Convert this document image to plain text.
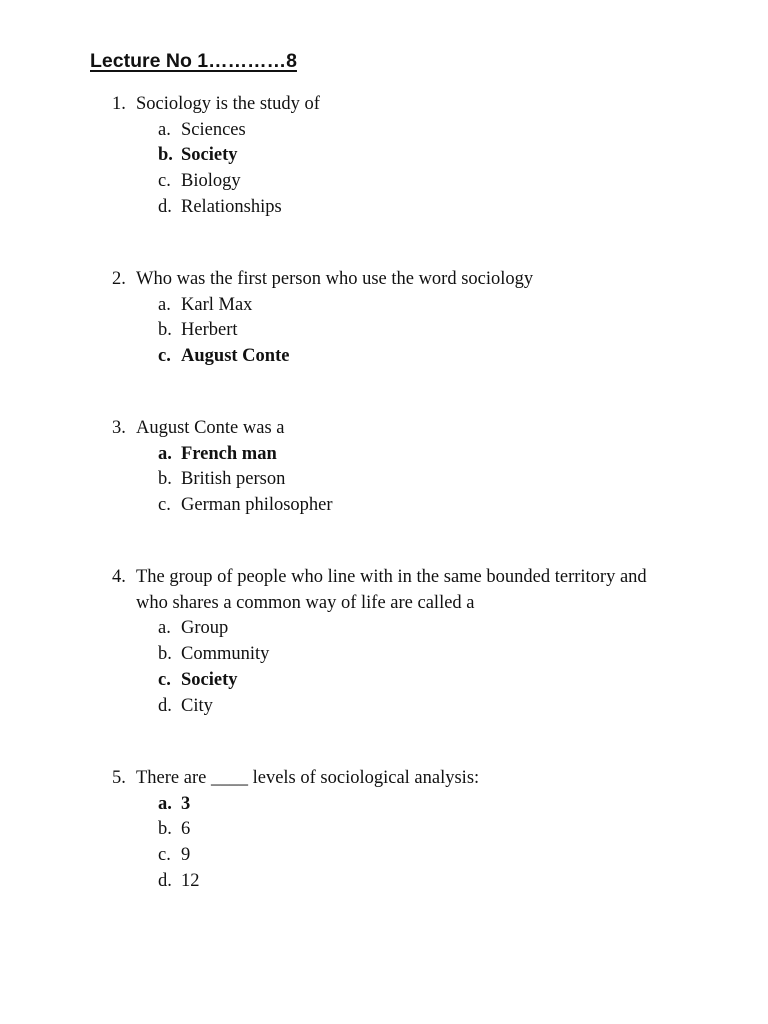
Lecture No 1…………8
1. Sociology is the study of
a. Sciences
b. Society
c. Biology
d. Relationships
2. Who was the first person who use the word sociology
a. Karl Max
b. Herbert
c. August Conte
3. August Conte was a
a. French man
b. British person
c. German philosopher
4. The group of people who line with in the same bounded territory and who shares a common way of life are called a
a. Group
b. Community
c. Society
d. City
5. There are ____ levels of sociological analysis:
a. 3
b. 6
c. 9
d. 12
